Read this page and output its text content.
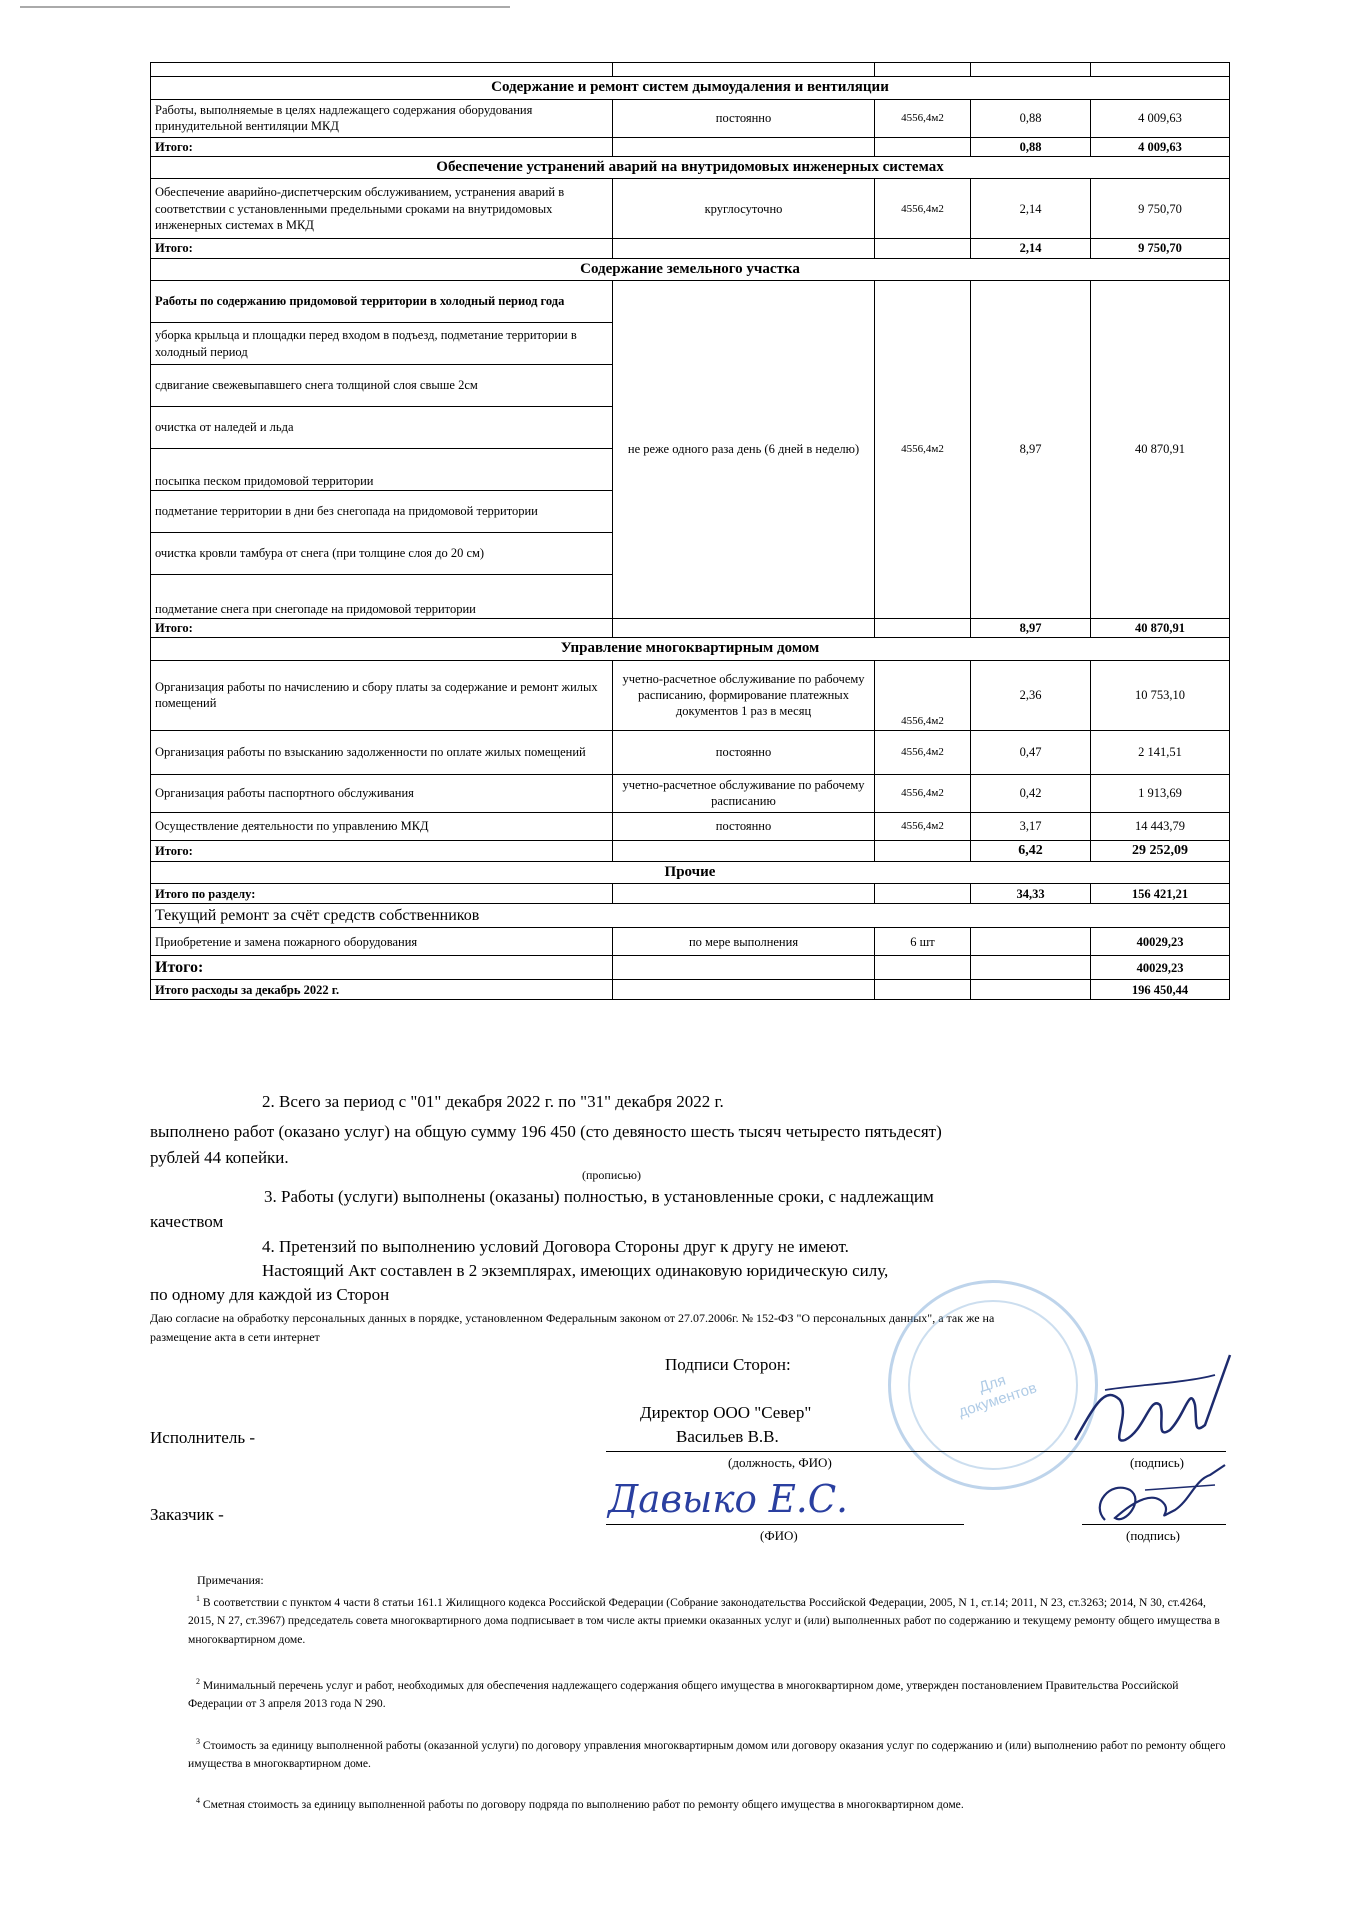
Содержание и ремонт систем дымоудаления и вентиляции				
Работы, выполняемые в целях надлежащего содержания оборудования принудительной вентиляции МКД	постоянно	4556,4м2	0,88	4 009,63
Итого:			0,88	4 009,63
Обеспечение устранений аварий на внутридомовых инженерных системах				
Обеспечение аварийно-диспетчерским обслуживанием, устранения аварий в соответствии с установленными предельными сроками на внутридомовых инженерных системах в МКД	круглосуточно	4556,4м2	2,14	9 750,70
Итого:			2,14	9 750,70
Содержание земельного участка				
Работы по содержанию придомовой территории в холодный период года	не реже одного раза день (6 дней в неделю)	4556,4м2	8,97	40 870,91
уборка крыльца и площадки перед входом в подъезд, подметание территории в холодный период				
сдвигание свежевыпавшего снега толщиной слоя свыше 2см				
очистка от наледей и льда				
посыпка песком придомовой территории				
подметание территории в дни без снегопада на придомовой территории				
очистка кровли тамбура от снега (при толщине слоя до 20 см)				
подметание снега при снегопаде на придомовой территории				
Итого:			8,97	40 870,91
Управление многоквартирным домом				
Организация работы по начислению и сбору платы за содержание и ремонт жилых помещений	учетно-расчетное обслуживание по рабочему расписанию, формирование платежных документов 1 раз в месяц	4556,4м2	2,36	10 753,10
Организация работы по взысканию задолженности по оплате жилых помещений	постоянно	4556,4м2	0,47	2 141,51
Организация работы паспортного обслуживания	учетно-расчетное обслуживание по рабочему расписанию	4556,4м2	0,42	1 913,69
Осуществление деятельности по управлению МКД	постоянно	4556,4м2	3,17	14 443,79
Итого:			6,42	29 252,09
Прочие				
Итого по разделу:			34,33	156 421,21
Текущий ремонт за счёт средств собственников				
Приобретение и замена пожарного оборудования	по мере выполнения	6 шт		40029,23
Итого:				40029,23
Итого расходы за декабрь 2022 г.				196 450,44
2. Всего за период с "01" декабря 2022 г. по "31" декабря 2022 г.
выполнено работ (оказано услуг) на общую сумму 196 450 (сто девяносто шесть тысяч четыресто пятьдесят)
рублей 44 копейки.
(прописью)
3. Работы (услуги) выполнены (оказаны) полностью, в установленные сроки, с надлежащим
качеством
4. Претензий по выполнению условий Договора Стороны друг к другу не имеют.
Настоящий Акт составлен в 2 экземплярах, имеющих одинаковую юридическую силу,
по одному для каждой из Сторон
Даю согласие на обработку персональных данных в порядке, установленном Федеральным законом от 27.07.2006г. № 152-ФЗ "О персональных данных", а так же на
размещение акта в сети интернет
Для документов
Подписи Сторон:
Директор ООО "Север"
Васильев В.В.
Исполнитель -
(должность, ФИО)	(подпись)
Заказчик -
(ФИО)	(подпись)
Давыко Е.С.
Примечания:
$^1$ В соответствии с пунктом 4 части 8 статьи 161.1 Жилищного кодекса Российской Федерации (Собрание законодательства Российской Федерации, 2005, N 1, ст.14; 2011, N 23, ст.3263; 2014, N 30, ст.4264, 2015, N 27, ст.3967) председатель совета многоквартирного дома подписывает в том числе акты приемки оказанных услуг и (или) выполненных работ по содержанию и текущему ремонту общего имущества в многоквартирном доме.
$^2$ Минимальный перечень услуг и работ, необходимых для обеспечения надлежащего содержания общего имущества в многоквартирном доме, утвержден постановлением Правительства Российской Федерации от 3 апреля 2013 года N 290.
$^3$ Стоимость за единицу выполненной работы (оказанной услуги) по договору управления многоквартирным домом или договору оказания услуг по содержанию и (или) выполнению работ по ремонту общего имущества в многоквартирном доме.
$^4$ Сметная стоимость за единицу выполненной работы по договору подряда по выполнению работ по ремонту общего имущества в многоквартирном доме.
